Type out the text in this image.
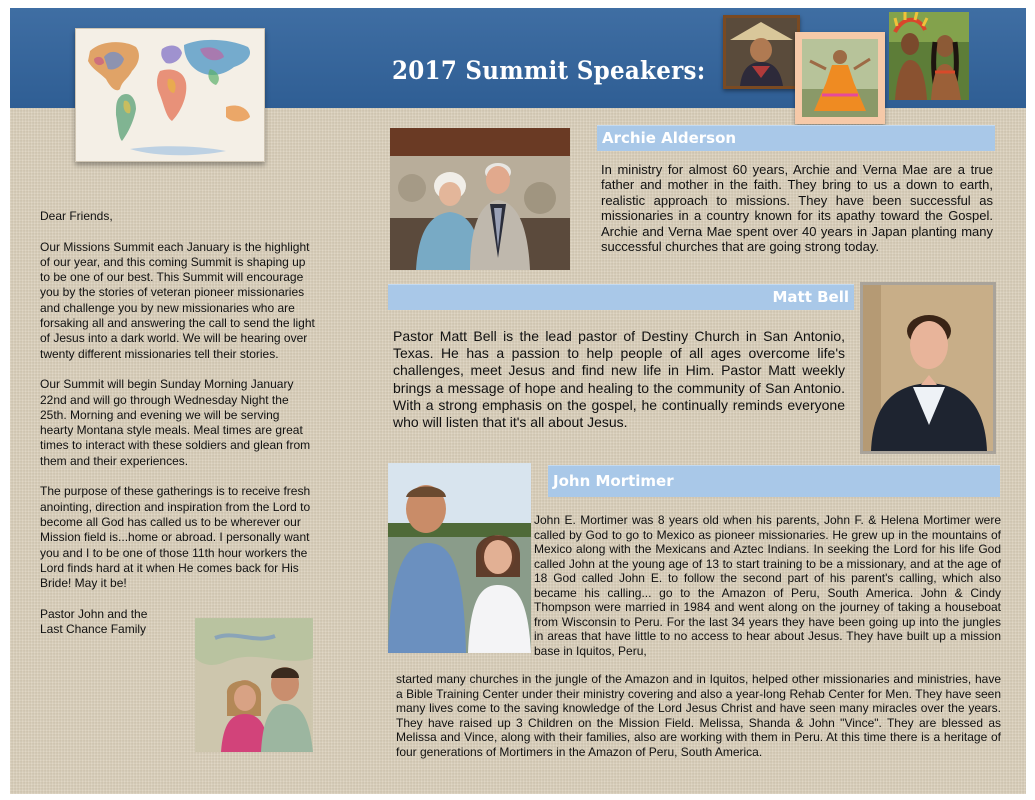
2017 Summit Speakers:
Archie Alderson
In ministry for almost 60 years, Archie and Verna Mae are a true father and mother in the faith. They bring to us a down to earth, realistic approach to missions. They have been successful as missionaries in a country known for its apathy toward the Gospel. Archie and Verna Mae spent over 40 years in Japan planting many successful churches that are going strong today.
Matt Bell
Pastor Matt Bell is the lead pastor of Destiny Church in San Antonio, Texas. He has a passion to help people of all ages overcome life's challenges, meet Jesus and find new life in Him. Pastor Matt weekly brings a message of hope and healing to the community of San Antonio. With a strong emphasis on the gospel, he continually reminds everyone who will listen that it's all about Jesus.
John Mortimer
John E. Mortimer was 8 years old when his parents, John F. & Helena Mortimer were called by God to go to Mexico as pioneer missionaries. He grew up in the mountains of Mexico along with the Mexicans and Aztec Indians. In seeking the Lord for his life God called John at the young age of 13 to start training to be a missionary, and at the age of 18 God called John E. to follow the second part of his parent's calling, which also became his calling... go to the Amazon of Peru, South America. John & Cindy Thompson were married in 1984 and went along on the journey of taking a houseboat from Wisconsin to Peru. For the last 34 years they have been going up into the jungles in areas that have little to no access to hear about Jesus. They have built up a mission base in Iquitos, Peru,
started many churches in the jungle of the Amazon and in Iquitos, helped other missionaries and ministries, have a Bible Training Center under their ministry covering and also a year-long Rehab Center for Men. They have seen many lives come to the saving knowledge of the Lord Jesus Christ and have seen many miracles over the years. They have raised up 3 Children on the Mission Field. Melissa, Shanda & John "Vince". They are blessed as Melissa and Vince, along with their families, also are working with them in Peru. At this time there is a heritage of four generations of Mortimers in the Amazon of Peru, South America.

Dear Friends,

Our Missions Summit each January is the highlight of our year, and this coming Summit is shaping up to be one of our best. This Summit will encourage you by the stories of veteran pioneer missionaries and challenge you by new missionaries who are forsaking all and answering the call to send the light of Jesus into a dark world. We will be hearing over twenty different missionaries tell their stories.

Our Summit will begin Sunday Morning January 22nd and will go through Wednesday Night the 25th. Morning and evening we will be serving hearty Montana style meals. Meal times are great times to interact with these soldiers and glean from them and their experiences.

The purpose of these gatherings is to receive fresh anointing, direction and inspiration from the Lord to become all God has called us to be wherever our Mission field is...home or abroad. I personally want you and I to be one of those 11th hour workers the Lord finds hard at it when He comes back for His Bride! May it be!

Pastor John and the

Last Chance Family
